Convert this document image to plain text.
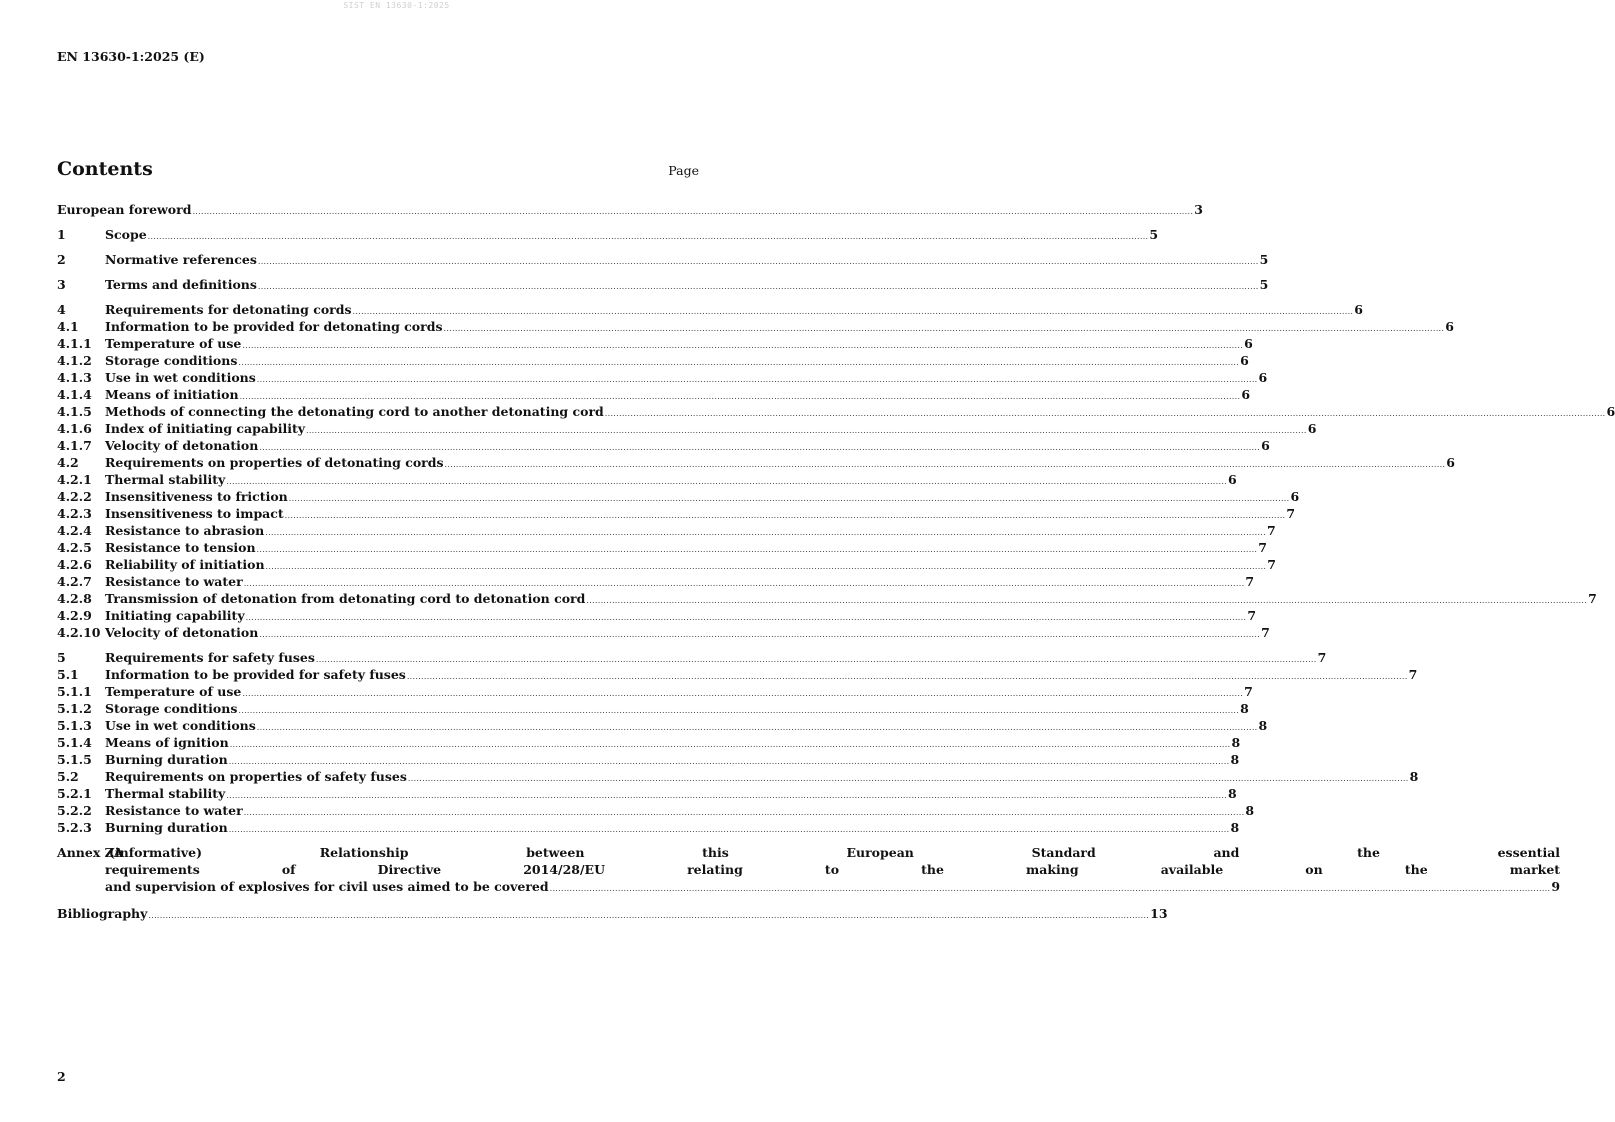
SIST EN 13630-1:2025
EN 13630-1:2025 (E)
Contents	Page
European foreword .....	3
1	Scope .....	5
2	Normative references .....	5
3	Terms and definitions .....	5
4	Requirements for detonating cords .....	6
4.1	Information to be provided for detonating cords .....	6
4.1.1	Temperature of use .....	6
4.1.2	Storage conditions .....	6
4.1.3	Use in wet conditions .....	6
4.1.4	Means of initiation .....	6
4.1.5	Methods of connecting the detonating cord to another detonating cord .....	6
4.1.6	Index of initiating capability .....	6
4.1.7	Velocity of detonation .....	6
4.2	Requirements on properties of detonating cords .....	6
4.2.1	Thermal stability .....	6
4.2.2	Insensitiveness to friction .....	6
4.2.3	Insensitiveness to impact .....	7
4.2.4	Resistance to abrasion .....	7
4.2.5	Resistance to tension .....	7
4.2.6	Reliability of initiation .....	7
4.2.7	Resistance to water .....	7
4.2.8	Transmission of detonation from detonating cord to detonation cord .....	7
4.2.9	Initiating capability .....	7
4.2.10 Velocity of detonation .....	7
5	Requirements for safety fuses .....	7
5.1	Information to be provided for safety fuses .....	7
5.1.1	Temperature of use .....	7
5.1.2	Storage conditions .....	8
5.1.3	Use in wet conditions .....	8
5.1.4	Means of ignition .....	8
5.1.5	Burning duration .....	8
5.2	Requirements on properties of safety fuses .....	8
5.2.1	Thermal stability .....	8
5.2.2	Resistance to water .....	8
5.2.3	Burning duration .....	8
Annex ZA
(informative) Relationship between this European Standard and the essential
requirements of Directive 2014/28/EU relating to the making available on the market
and supervision of explosives for civil uses aimed to be covered .....	9
Bibliography .....	13
2
